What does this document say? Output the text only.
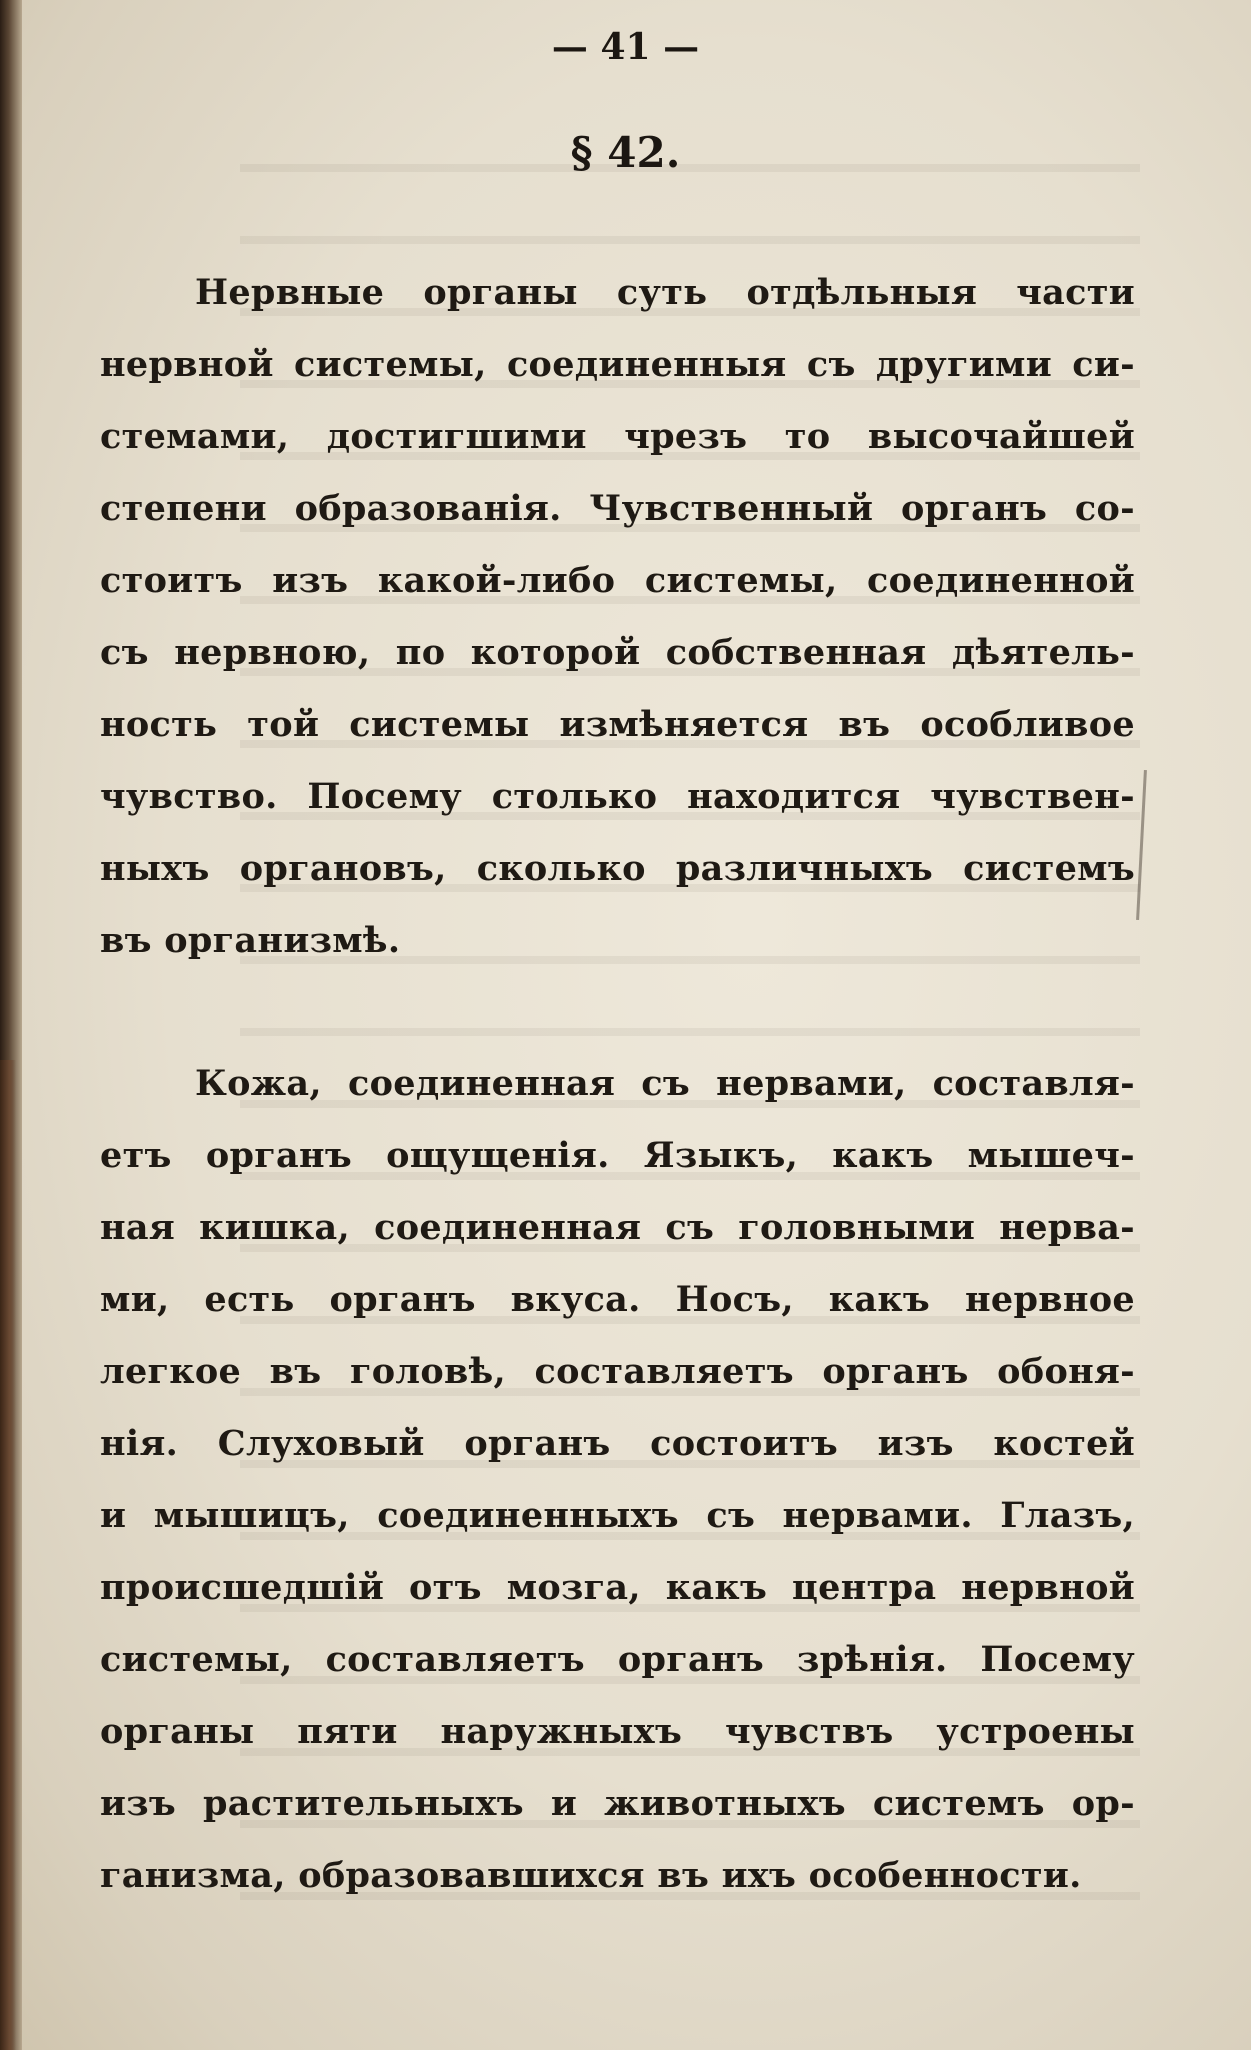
— 41 —
§ 42.
Нервные органы суть отдѣльныя части
нервной системы, соединенныя съ другими си-
стемами, достигшими чрезъ то высочайшей
степени образованія. Чувственный органъ со-
стоитъ изъ какой-либо системы, соединенной
съ нервною, по которой собственная дѣятель-
ность той системы измѣняется въ особливое
чувство. Посему столько находится чувствен-
ныхъ органовъ, сколько различныхъ системъ
въ организмѣ.
Кожа, соединенная съ нервами, составля-
етъ органъ ощущенія. Языкъ, какъ мышеч-
ная кишка, соединенная съ головными нерва-
ми, есть органъ вкуса. Носъ, какъ нервное
легкое въ головѣ, составляетъ органъ обоня-
нія. Слуховый органъ состоитъ изъ костей
и мышицъ, соединенныхъ съ нервами. Глазъ,
происшедшій отъ мозга, какъ центра нервной
системы, составляетъ органъ зрѣнія. Посему
органы пяти наружныхъ чувствъ устроены
изъ растительныхъ и животныхъ системъ ор-
ганизма, образовавшихся въ ихъ особенности.
